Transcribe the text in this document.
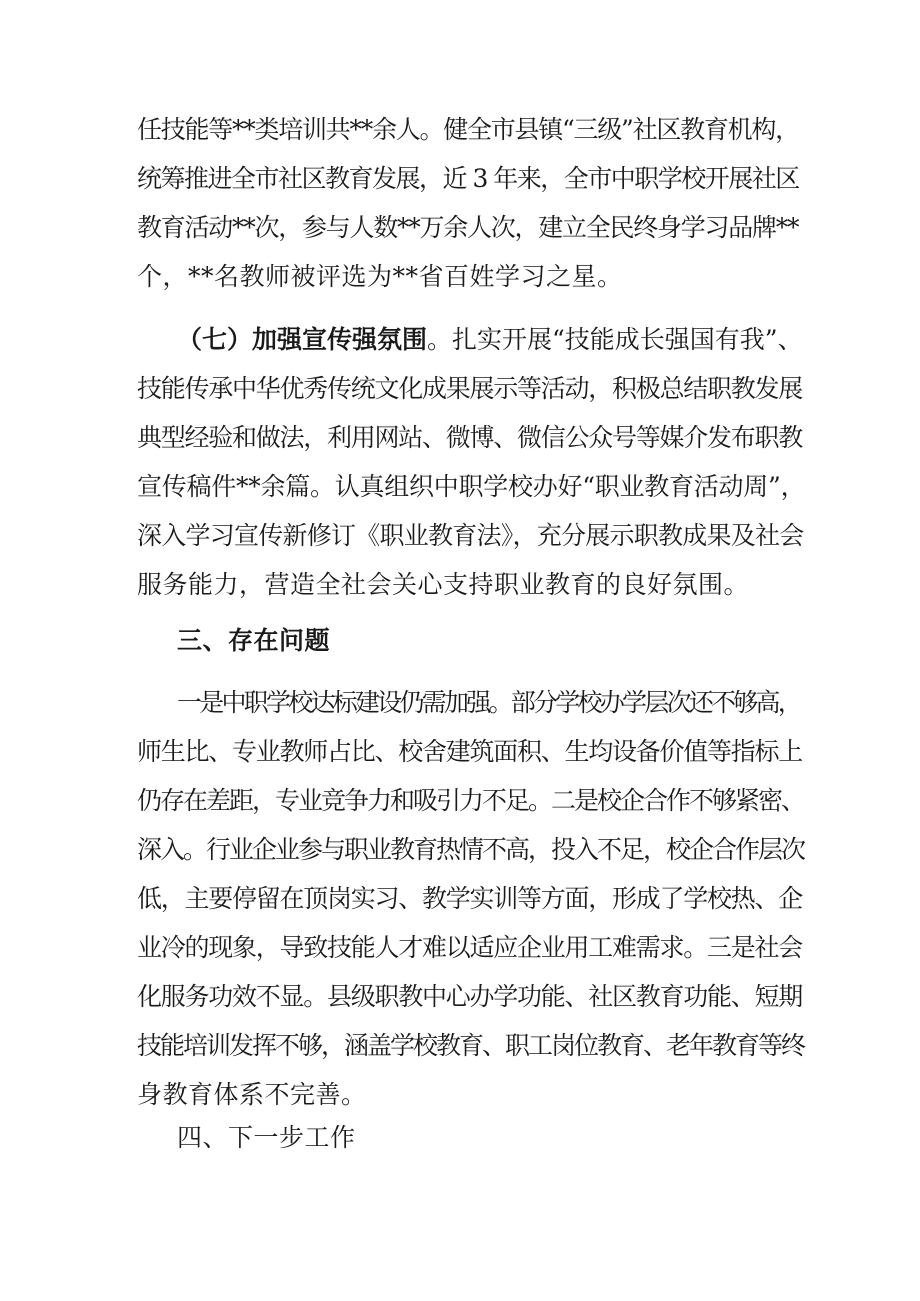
任技能等**类培训共**余人。健全市县镇“三级”社区教育机构，
统筹推进全市社区教育发展，近 3 年来，全市中职学校开展社区
教育活动**次，参与人数**万余人次，建立全民终身学习品牌**
个，**名教师被评选为**省百姓学习之星。
（七）加强宣传强氛围。扎实开展“技能成长强国有我”、
技能传承中华优秀传统文化成果展示等活动，积极总结职教发展
典型经验和做法，利用网站、微博、微信公众号等媒介发布职教
宣传稿件**余篇。认真组织中职学校办好“职业教育活动周”，
深入学习宣传新修订《职业教育法》，充分展示职教成果及社会
服务能力，营造全社会关心支持职业教育的良好氛围。
三、存在问题
一是中职学校达标建设仍需加强。部分学校办学层次还不够高，
师生比、专业教师占比、校舍建筑面积、生均设备价值等指标上
仍存在差距，专业竞争力和吸引力不足。二是校企合作不够紧密、
深入。行业企业参与职业教育热情不高，投入不足，校企合作层次
低，主要停留在顶岗实习、教学实训等方面，形成了学校热、企
业冷的现象，导致技能人才难以适应企业用工难需求。三是社会
化服务功效不显。县级职教中心办学功能、社区教育功能、短期
技能培训发挥不够，涵盖学校教育、职工岗位教育、老年教育等终
身教育体系不完善。
四、下一步工作
